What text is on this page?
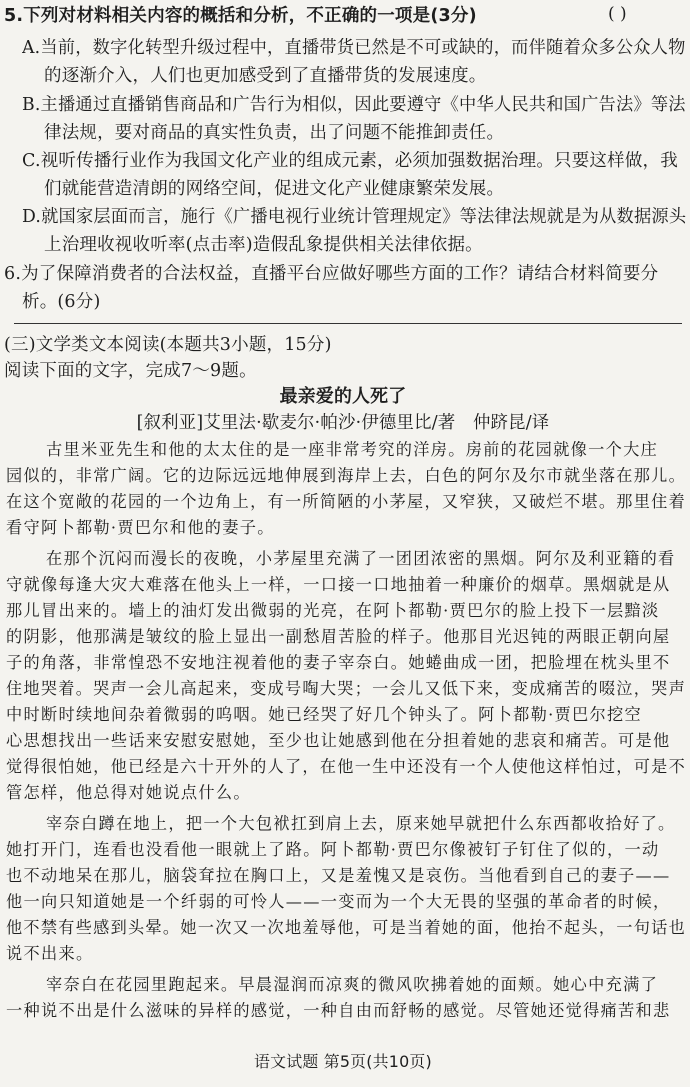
5.下列对材料相关内容的概括和分析，不正确的一项是(3分)	( )
A.当前，数字化转型升级过程中，直播带货已然是不可或缺的，而伴随着众多公众人物
的逐渐介入，人们也更加感受到了直播带货的发展速度。
B.主播通过直播销售商品和广告行为相似，因此要遵守《中华人民共和国广告法》等法
律法规，要对商品的真实性负责，出了问题不能推卸责任。
C.视听传播行业作为我国文化产业的组成元素，必须加强数据治理。只要这样做，我
们就能营造清朗的网络空间，促进文化产业健康繁荣发展。
D.就国家层面而言，施行《广播电视行业统计管理规定》等法律法规就是为从数据源头
上治理收视收听率(点击率)造假乱象提供相关法律依据。
6.为了保障消费者的合法权益，直播平台应做好哪些方面的工作？请结合材料简要分
析。(6分)
(三)文学类文本阅读(本题共3小题，15分)
阅读下面的文字，完成7～9题。
最亲爱的人死了
[叙利亚]艾里法·歇麦尔·帕沙·伊德里比/著　仲跻昆/译
古里米亚先生和他的太太住的是一座非常考究的洋房。房前的花园就像一个大庄
园似的，非常广阔。它的边际远远地伸展到海岸上去，白色的阿尔及尔市就坐落在那儿。
在这个宽敞的花园的一个边角上，有一所简陋的小茅屋，又窄狭，又破烂不堪。那里住着
看守阿卜都勒·贾巴尔和他的妻子。
在那个沉闷而漫长的夜晚，小茅屋里充满了一团团浓密的黑烟。阿尔及利亚籍的看
守就像每逢大灾大难落在他头上一样，一口接一口地抽着一种廉价的烟草。黑烟就是从
那儿冒出来的。墙上的油灯发出微弱的光亮，在阿卜都勒·贾巴尔的脸上投下一层黯淡
的阴影，他那满是皱纹的脸上显出一副愁眉苦脸的样子。他那目光迟钝的两眼正朝向屋
子的角落，非常惶恐不安地注视着他的妻子宰奈白。她蜷曲成一团，把脸埋在枕头里不
住地哭着。哭声一会儿高起来，变成号啕大哭；一会儿又低下来，变成痛苦的啜泣，哭声
中时断时续地间杂着微弱的呜咽。她已经哭了好几个钟头了。阿卜都勒·贾巴尔挖空
心思想找出一些话来安慰安慰她，至少也让她感到他在分担着她的悲哀和痛苦。可是他
觉得很怕她，他已经是六十开外的人了，在他一生中还没有一个人使他这样怕过，可是不
管怎样，他总得对她说点什么。
宰奈白蹲在地上，把一个大包袱扛到肩上去，原来她早就把什么东西都收拾好了。
她打开门，连看也没看他一眼就上了路。阿卜都勒·贾巴尔像被钉子钉住了似的，一动
也不动地呆在那儿，脑袋耷拉在胸口上，又是羞愧又是哀伤。当他看到自己的妻子——
他一向只知道她是一个纤弱的可怜人——一变而为一个大无畏的坚强的革命者的时候，
他不禁有些感到头晕。她一次又一次地羞辱他，可是当着她的面，他抬不起头，一句话也
说不出来。
宰奈白在花园里跑起来。早晨湿润而凉爽的微风吹拂着她的面颊。她心中充满了
一种说不出是什么滋味的异样的感觉，一种自由而舒畅的感觉。尽管她还觉得痛苦和悲
语文试题 第5页(共10页)
